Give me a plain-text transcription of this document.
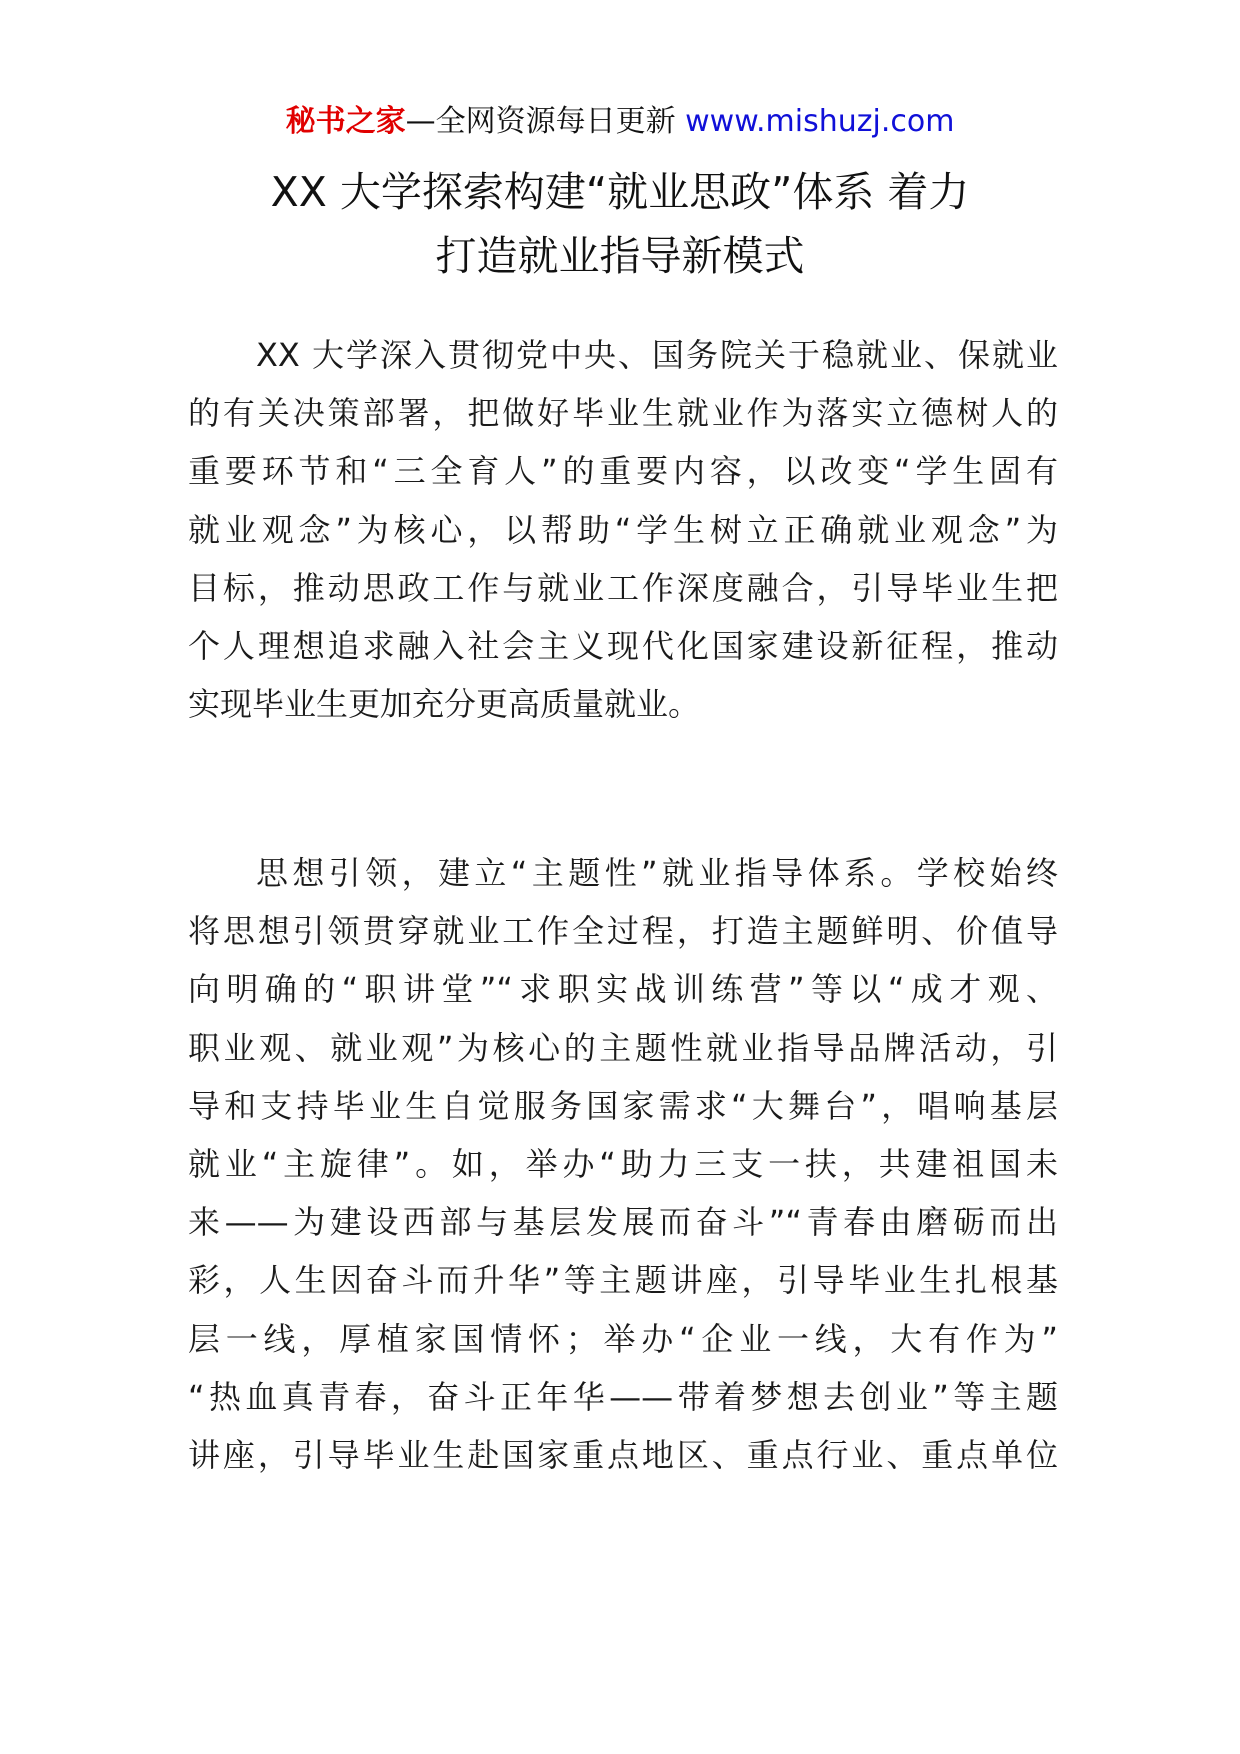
秘书之家—全网资源每日更新 www.mishuzj.com
XX 大学探索构建“就业思政”体系 着力
打造就业指导新模式
XX 大学深入贯彻党中央、国务院关于稳就业、保就业
的有关决策部署，把做好毕业生就业作为落实立德树人的
重要环节和“三全育人”的重要内容，以改变“学生固有
就业观念”为核心，以帮助“学生树立正确就业观念”为
目标，推动思政工作与就业工作深度融合，引导毕业生把
个人理想追求融入社会主义现代化国家建设新征程，推动
实现毕业生更加充分更高质量就业。
思想引领，建立“主题性”就业指导体系。学校始终
将思想引领贯穿就业工作全过程，打造主题鲜明、价值导
向明确的“职讲堂”“求职实战训练营”等以“成才观、
职业观、就业观”为核心的主题性就业指导品牌活动，引
导和支持毕业生自觉服务国家需求“大舞台”，唱响基层
就业“主旋律”。如，举办“助力三支一扶，共建祖国未
来——为建设西部与基层发展而奋斗”“青春由磨砺而出
彩，人生因奋斗而升华”等主题讲座，引导毕业生扎根基
层一线，厚植家国情怀；举办“企业一线，大有作为”
“热血真青春，奋斗正年华——带着梦想去创业”等主题
讲座，引导毕业生赴国家重点地区、重点行业、重点单位
